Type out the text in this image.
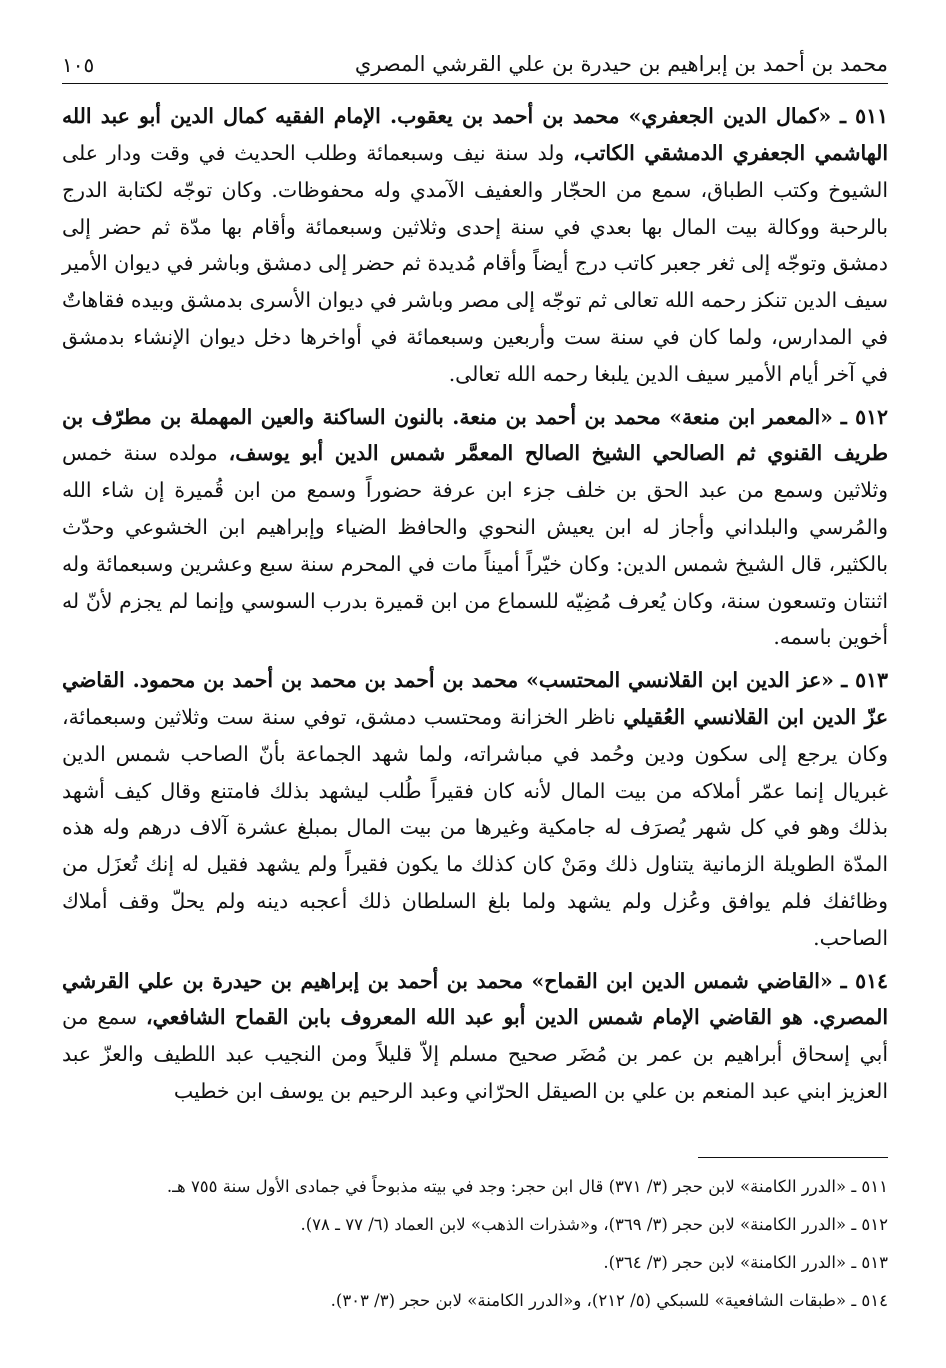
محمد بن أحمد بن إبراهيم بن حيدرة بن علي القرشي المصري
١٠٥

٥١١ ـ «كمال الدين الجعفري» محمد بن أحمد بن يعقوب. الإمام الفقيه كمال الدين أبو عبد الله الهاشمي الجعفري الدمشقي الكاتب، ولد سنة نيف وسبعمائة وطلب الحديث في وقت ودار على الشيوخ وكتب الطباق، سمع من الحجّار والعفيف الآمدي وله محفوظات. وكان توجّه لكتابة الدرج بالرحبة ووكالة بيت المال بها بعدي في سنة إحدى وثلاثين وسبعمائة وأقام بها مدّة ثم حضر إلى دمشق وتوجّه إلى ثغر جعبر كاتب درج أيضاً وأقام مُديدة ثم حضر إلى دمشق وباشر في ديوان الأمير سيف الدين تنكز رحمه الله تعالى ثم توجّه إلى مصر وباشر في ديوان الأسرى بدمشق وبيده فقاهاتٌ في المدارس، ولما كان في سنة ست وأربعين وسبعمائة في أواخرها دخل ديوان الإنشاء بدمشق في آخر أيام الأمير سيف الدين يلبغا رحمه الله تعالى.

٥١٢ ـ «المعمر ابن منعة» محمد بن أحمد بن منعة. بالنون الساكنة والعين المهملة بن مطرّف بن طريف القنوي ثم الصالحي الشيخ الصالح المعمَّر شمس الدين أبو يوسف، مولده سنة خمس وثلاثين وسمع من عبد الحق بن خلف جزء ابن عرفة حضوراً وسمع من ابن قُميرة إن شاء الله والمُرسي والبلداني وأجاز له ابن يعيش النحوي والحافظ الضياء وإبراهيم ابن الخشوعي وحدّث بالكثير، قال الشيخ شمس الدين: وكان خيّراً أميناً مات في المحرم سنة سبع وعشرين وسبعمائة وله اثنتان وتسعون سنة، وكان يُعرف مُضِيّه للسماع من ابن قميرة بدرب السوسي وإنما لم يجزم لأنّ له أخوين باسمه.

٥١٣ ـ «عز الدين ابن القلانسي المحتسب» محمد بن أحمد بن محمد بن أحمد بن محمود. القاضي عزّ الدين ابن القلانسي العُقيلي ناظر الخزانة ومحتسب دمشق، توفي سنة ست وثلاثين وسبعمائة، وكان يرجع إلى سكون ودين وحُمد في مباشراته، ولما شهد الجماعة بأنّ الصاحب شمس الدين غبريال إنما عمّر أملاكه من بيت المال لأنه كان فقيراً طُلب ليشهد بذلك فامتنع وقال كيف أشهد بذلك وهو في كل شهر يُصرَف له جامكية وغيرها من بيت المال بمبلغ عشرة آلاف درهم وله هذه المدّة الطويلة الزمانية يتناول ذلك ومَنْ كان كذلك ما يكون فقيراً ولم يشهد فقيل له إنك تُعزَل من وظائفك فلم يوافق وعُزل ولم يشهد ولما بلغ السلطان ذلك أعجبه دينه ولم يحلّ وقف أملاك الصاحب.

٥١٤ ـ «القاضي شمس الدين ابن القماح» محمد بن أحمد بن إبراهيم بن حيدرة بن علي القرشي المصري. هو القاضي الإمام شمس الدين أبو عبد الله المعروف بابن القماح الشافعي، سمع من أبي إسحاق أبراهيم بن عمر بن مُضَر صحيح مسلم إلاّ قليلاً ومن النجيب عبد اللطيف والعزّ عبد العزيز ابني عبد المنعم بن علي بن الصيقل الحرّاني وعبد الرحيم بن يوسف ابن خطيب

٥١١ ـ «الدرر الكامنة» لابن حجر (٣/ ٣٧١) قال ابن حجر: وجد في بيته مذبوحاً في جمادى الأول سنة ٧٥٥ هـ.

٥١٢ ـ «الدرر الكامنة» لابن حجر (٣/ ٣٦٩)، و«شذرات الذهب» لابن العماد (٦/ ٧٧ ـ ٧٨).

٥١٣ ـ «الدرر الكامنة» لابن حجر (٣/ ٣٦٤).

٥١٤ ـ «طبقات الشافعية» للسبكي (٥/ ٢١٢)، و«الدرر الكامنة» لابن حجر (٣/ ٣٠٣).
